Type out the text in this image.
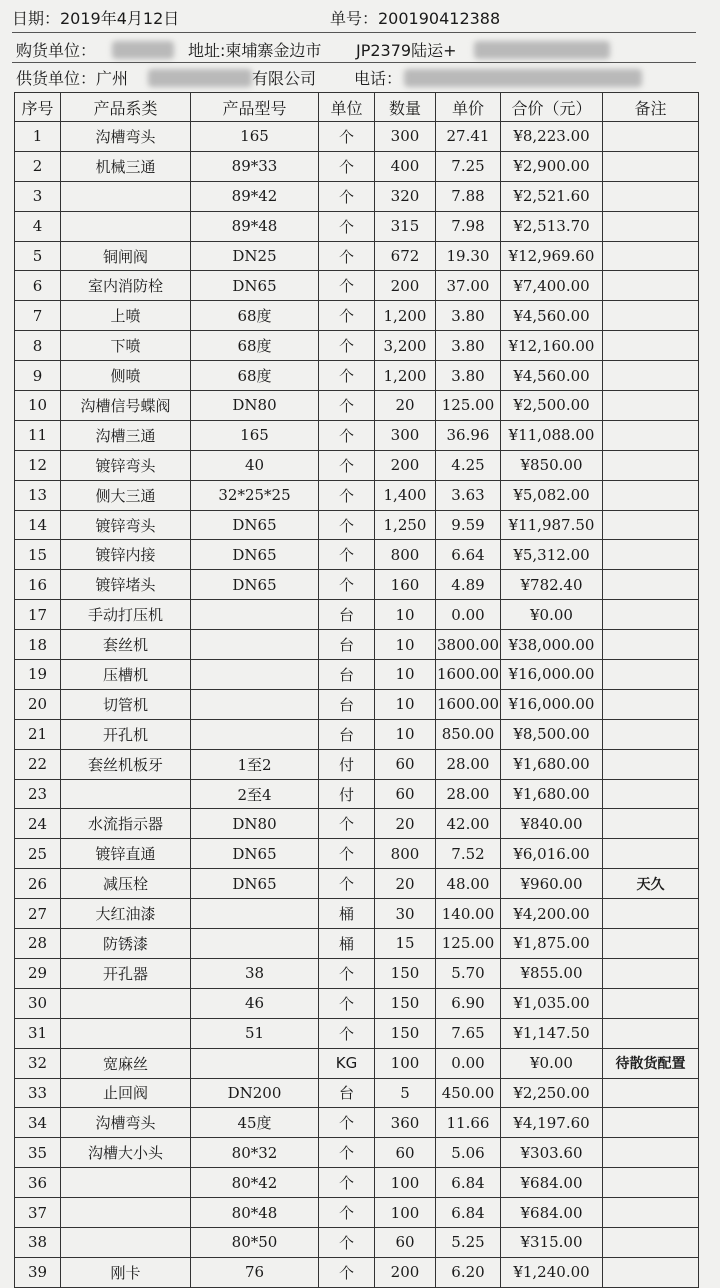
日期：2019年4月12日	单号：200190412388
购货单位：	地址:柬埔寨金边市 JP2379陆运+
供货单位：广州	有限公司 电话：
序号	产品系类	产品型号	单位	数量	单价	合价（元）	备注
1	沟槽弯头	165	个	300	27.41	¥8,223.00	
2	机械三通	89*33	个	400	7.25	¥2,900.00	
3		89*42	个	320	7.88	¥2,521.60	
4		89*48	个	315	7.98	¥2,513.70	
5	铜闸阀	DN25	个	672	19.30	¥12,969.60	
6	室内消防栓	DN65	个	200	37.00	¥7,400.00	
7	上喷	68度	个	1,200	3.80	¥4,560.00	
8	下喷	68度	个	3,200	3.80	¥12,160.00	
9	侧喷	68度	个	1,200	3.80	¥4,560.00	
10	沟槽信号蝶阀	DN80	个	20	125.00	¥2,500.00	
11	沟槽三通	165	个	300	36.96	¥11,088.00	
12	镀锌弯头	40	个	200	4.25	¥850.00	
13	侧大三通	32*25*25	个	1,400	3.63	¥5,082.00	
14	镀锌弯头	DN65	个	1,250	9.59	¥11,987.50	
15	镀锌内接	DN65	个	800	6.64	¥5,312.00	
16	镀锌堵头	DN65	个	160	4.89	¥782.40	
17	手动打压机		台	10	0.00	¥0.00	
18	套丝机		台	10	3800.00	¥38,000.00	
19	压槽机		台	10	1600.00	¥16,000.00	
20	切管机		台	10	1600.00	¥16,000.00	
21	开孔机		台	10	850.00	¥8,500.00	
22	套丝机板牙	1至2	付	60	28.00	¥1,680.00	
23		2至4	付	60	28.00	¥1,680.00	
24	水流指示器	DN80	个	20	42.00	¥840.00	
25	镀锌直通	DN65	个	800	7.52	¥6,016.00	
26	减压栓	DN65	个	20	48.00	¥960.00	天久
27	大红油漆		桶	30	140.00	¥4,200.00	
28	防锈漆		桶	15	125.00	¥1,875.00	
29	开孔器	38	个	150	5.70	¥855.00	
30		46	个	150	6.90	¥1,035.00	
31		51	个	150	7.65	¥1,147.50	
32	宽麻丝		KG	100	0.00	¥0.00	待散货配置
33	止回阀	DN200	台	5	450.00	¥2,250.00	
34	沟槽弯头	45度	个	360	11.66	¥4,197.60	
35	沟槽大小头	80*32	个	60	5.06	¥303.60	
36		80*42	个	100	6.84	¥684.00	
37		80*48	个	100	6.84	¥684.00	
38		80*50	个	60	5.25	¥315.00	
39	刚卡	76	个	200	6.20	¥1,240.00	
